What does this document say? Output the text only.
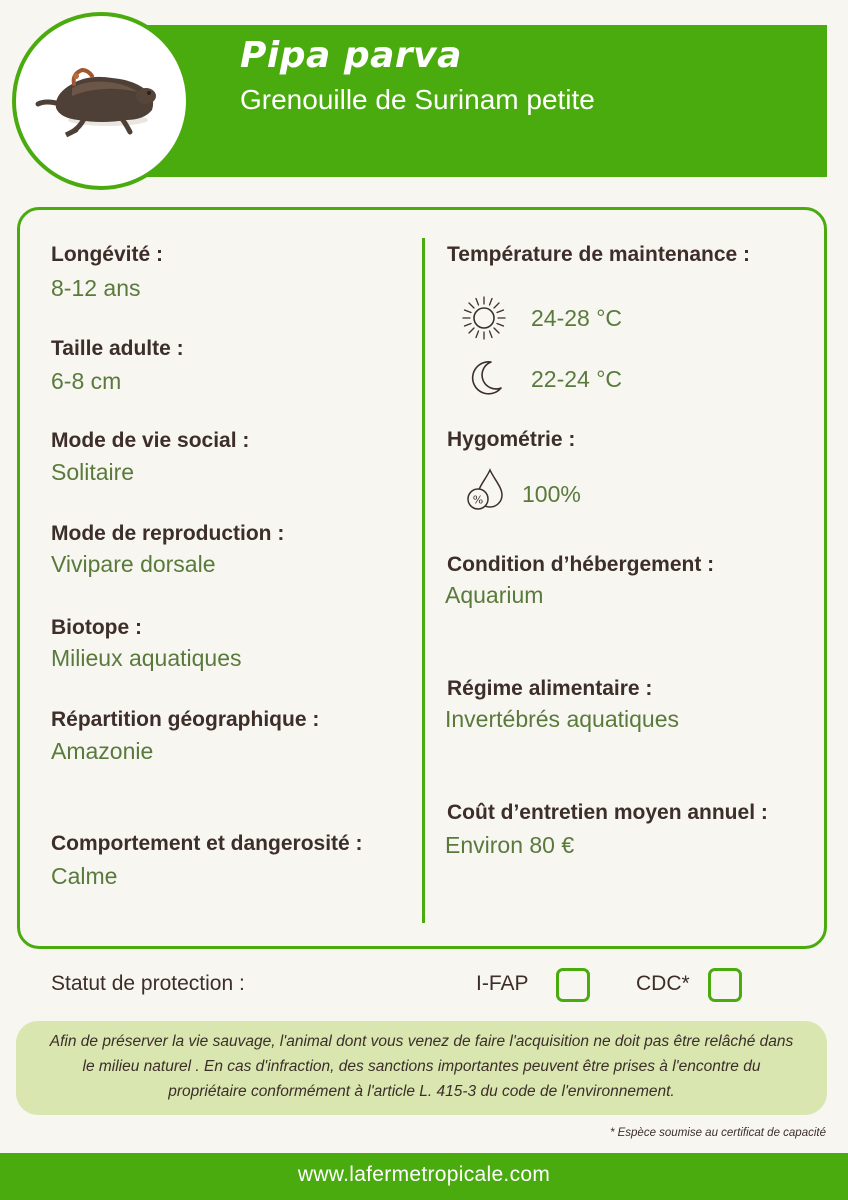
Pipa parva
Grenouille de Surinam petite
Longévité :
8-12 ans
Taille adulte :
6-8 cm
Mode de vie social :
Solitaire
Mode de reproduction :
Vivipare dorsale
Biotope :
Milieux aquatiques
Répartition géographique :
Amazonie
Comportement et dangerosité :
Calme
Température de maintenance :
24-28 °C
22-24 °C
Hygométrie :
% 100%
Condition d’hébergement :
Aquarium
Régime alimentaire :
Invertébrés aquatiques
Coût d’entretien moyen annuel :
Environ 80 €
Statut de protection :	I-FAP	CDC*
Afin de préserver la vie sauvage, l'animal dont vous venez de faire l'acquisition ne doit pas être relâché dans le milieu naturel . En cas d'infraction, des sanctions importantes peuvent être prises à l'encontre du propriétaire conformément à l'article L. 415-3 du code de l'environnement.
* Espèce soumise au certificat de capacité
www.lafermetropicale.com
